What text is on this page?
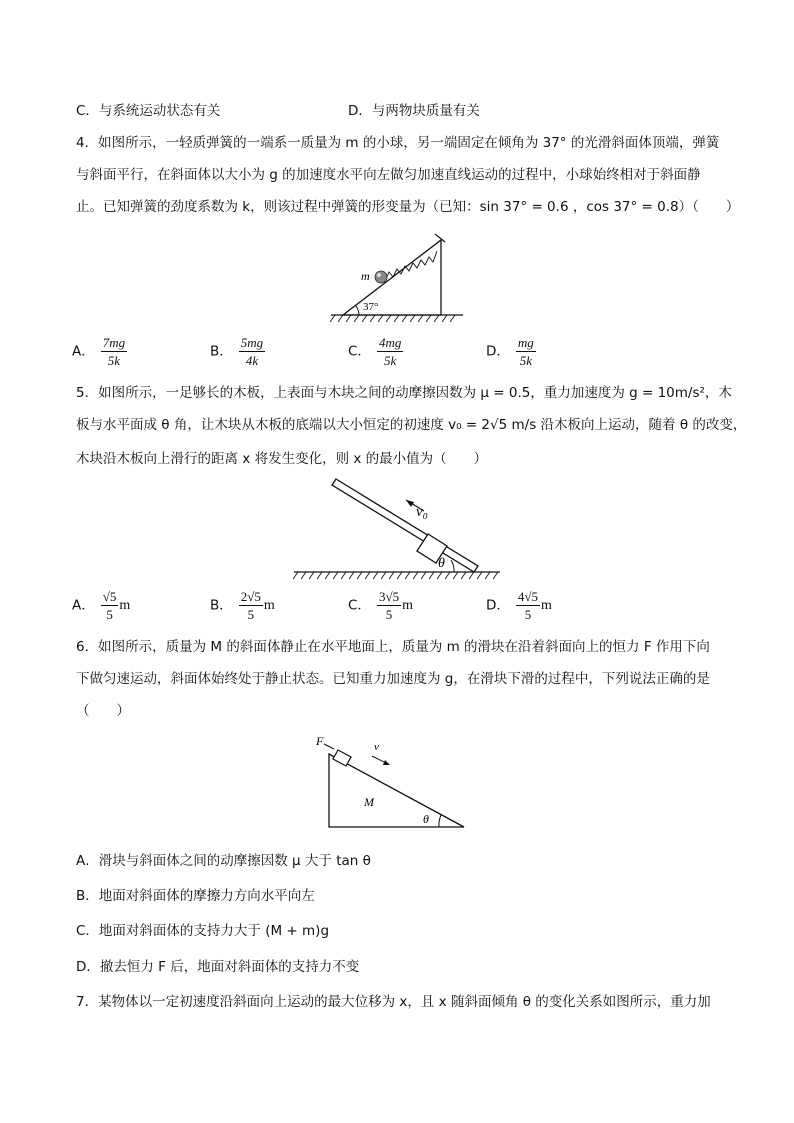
C．与系统运动状态有关	D．与两物块质量有关
4．如图所示，一轻质弹簧的一端系一质量为 m 的小球，另一端固定在倾角为 37° 的光滑斜面体顶端，弹簧
与斜面平行，在斜面体以大小为 g 的加速度水平向左做匀加速直线运动的过程中，小球始终相对于斜面静
止。已知弹簧的劲度系数为 k，则该过程中弹簧的形变量为（已知：sin 37° = 0.6 ，cos 37° = 0.8）（　　）
m
37°
A． $\frac{7mg}{5k}$	B． $\frac{5mg}{4k}$	C． $\frac{4mg}{5k}$	D． $\frac{mg}{5k}$
5．如图所示，一足够长的木板，上表面与木块之间的动摩擦因数为 μ = 0.5，重力加速度为 g = 10m/s²，木
板与水平面成 θ 角，让木块从木板的底端以大小恒定的初速度 v₀ = 2√5 m/s 沿木板向上运动，随着 θ 的改变，
木块沿木板向上滑行的距离 x 将发生变化，则 x 的最小值为（　　）
v₀
θ
A． $\frac{√5}{5}$ m	B． $\frac{2√5}{5}$ m	C． $\frac{3√5}{5}$ m	D． $\frac{4√5}{5}$ m
6．如图所示，质量为 M 的斜面体静止在水平地面上，质量为 m 的滑块在沿着斜面向上的恒力 F 作用下向
下做匀速运动，斜面体始终处于静止状态。已知重力加速度为 g，在滑块下滑的过程中，下列说法正确的是
（　　）
F	v
M
θ
A．滑块与斜面体之间的动摩擦因数 μ 大于 tan θ
B．地面对斜面体的摩擦力方向水平向左
C．地面对斜面体的支持力大于 (M + m)g
D．撤去恒力 F 后，地面对斜面体的支持力不变
7．某物体以一定初速度沿斜面向上运动的最大位移为 x，且 x 随斜面倾角 θ 的变化关系如图所示，重力加
